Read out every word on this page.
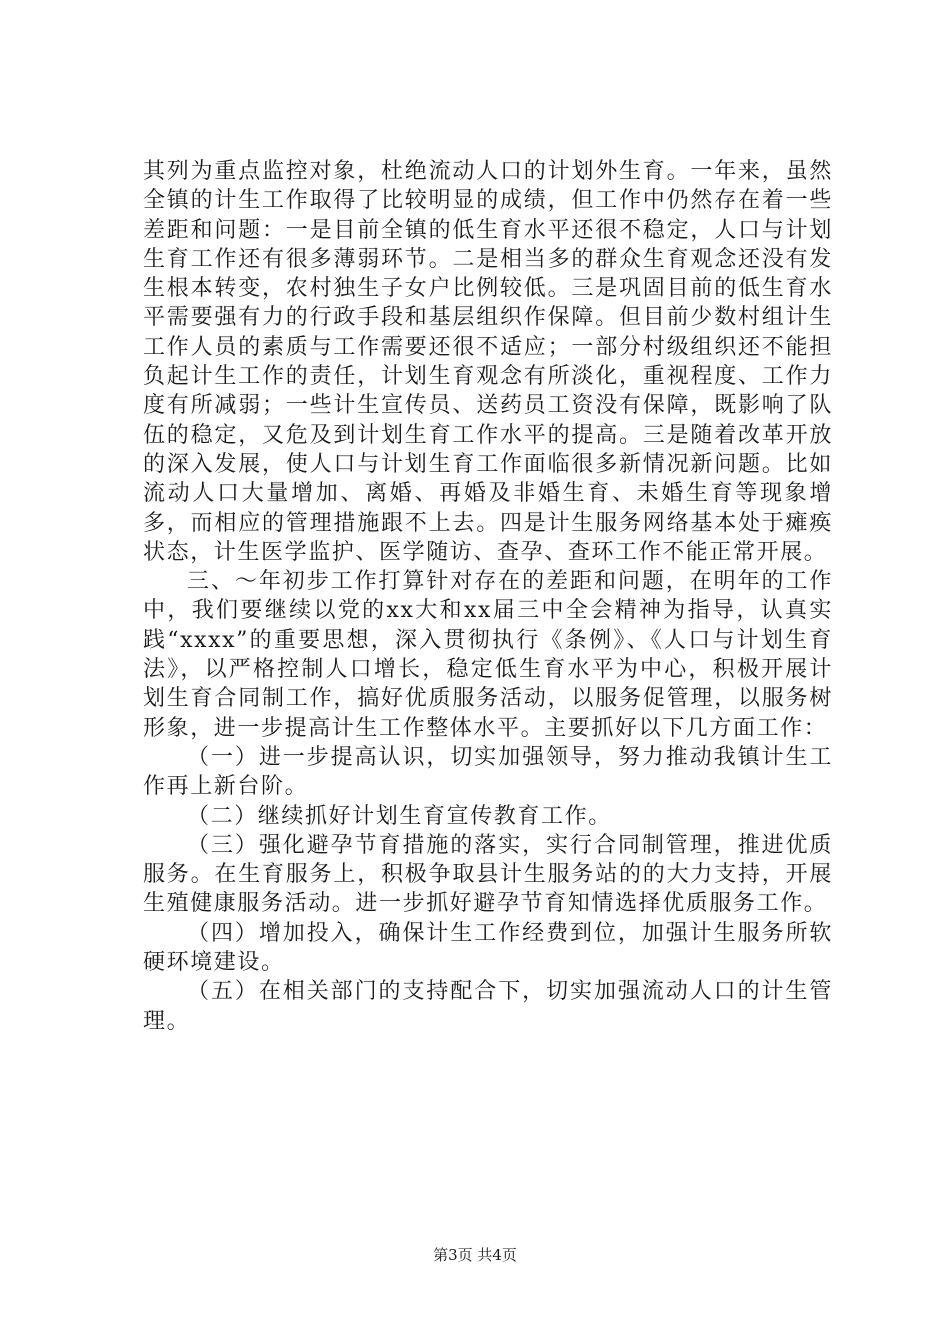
其列为重点监控对象，杜绝流动人口的计划外生育。一年来，虽然全镇的计生工作取得了比较明显的成绩，但工作中仍然存在着一些差距和问题：一是目前全镇的低生育水平还很不稳定，人口与计划生育工作还有很多薄弱环节。二是相当多的群众生育观念还没有发生根本转变，农村独生子女户比例较低。三是巩固目前的低生育水平需要强有力的行政手段和基层组织作保障。但目前少数村组计生工作人员的素质与工作需要还很不适应；一部分村级组织还不能担负起计生工作的责任，计划生育观念有所淡化，重视程度、工作力度有所减弱；一些计生宣传员、送药员工资没有保障，既影响了队伍的稳定，又危及到计划生育工作水平的提高。三是随着改革开放的深入发展，使人口与计划生育工作面临很多新情况新问题。比如流动人口大量增加、离婚、再婚及非婚生育、未婚生育等现象增多，而相应的管理措施跟不上去。四是计生服务网络基本处于瘫痪状态，计生医学监护、医学随访、查孕、查环工作不能正常开展。

三、～年初步工作打算针对存在的差距和问题，在明年的工作中，我们要继续以党的xx大和xx届三中全会精神为指导，认真实践“xxxx”的重要思想，深入贯彻执行《条例》、《人口与计划生育法》，以严格控制人口增长，稳定低生育水平为中心，积极开展计划生育合同制工作，搞好优质服务活动，以服务促管理，以服务树形象，进一步提高计生工作整体水平。主要抓好以下几方面工作：

（一）进一步提高认识，切实加强领导，努力推动我镇计生工作再上新台阶。

（二）继续抓好计划生育宣传教育工作。

（三）强化避孕节育措施的落实，实行合同制管理，推进优质服务。在生育服务上，积极争取县计生服务站的的大力支持，开展生殖健康服务活动。进一步抓好避孕节育知情选择优质服务工作。

（四）增加投入，确保计生工作经费到位，加强计生服务所软硬环境建设。

（五）在相关部门的支持配合下，切实加强流动人口的计生管理。

第3页 共4页
